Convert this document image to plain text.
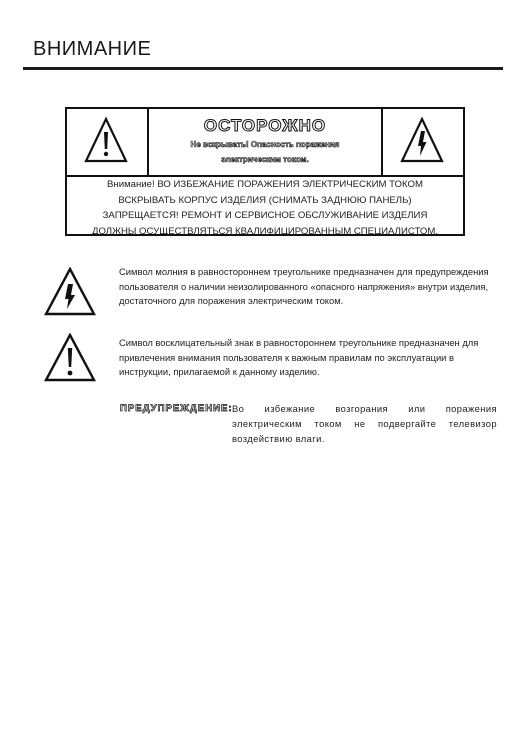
ВНИМАНИЕ
ОСТОРОЖНО
Не вскрывать! Опасность поражения
электрическим током.
Внимание! ВО ИЗБЕЖАНИЕ ПОРАЖЕНИЯ ЭЛЕКТРИЧЕСКИМ ТОКОМ
ВСКРЫВАТЬ КОРПУС ИЗДЕЛИЯ (СНИМАТЬ ЗАДНЮЮ ПАНЕЛЬ)
ЗАПРЕЩАЕТСЯ! РЕМОНТ И СЕРВИСНОЕ ОБСЛУЖИВАНИЕ ИЗДЕЛИЯ
ДОЛЖНЫ ОСУЩЕСТВЛЯТЬСЯ КВАЛИФИЦИРОВАННЫМ СПЕЦИАЛИСТОМ.
Символ молния в равностороннем треугольнике предназначен для предупреждения пользователя о наличии неизолированного «опасного напряжения» внутри изделия, достаточного для поражения электрическим током.
Символ восклицательный знак в равностороннем треугольнике предназначен для привлечения внимания пользователя к важным правилам по эксплуатации в инструкции, прилагаемой к данному изделию.
ПРЕДУПРЕЖДЕНИЕ: Во избежание возгорания или поражения электрическим током не подвергайте телевизор воздействию влаги.
